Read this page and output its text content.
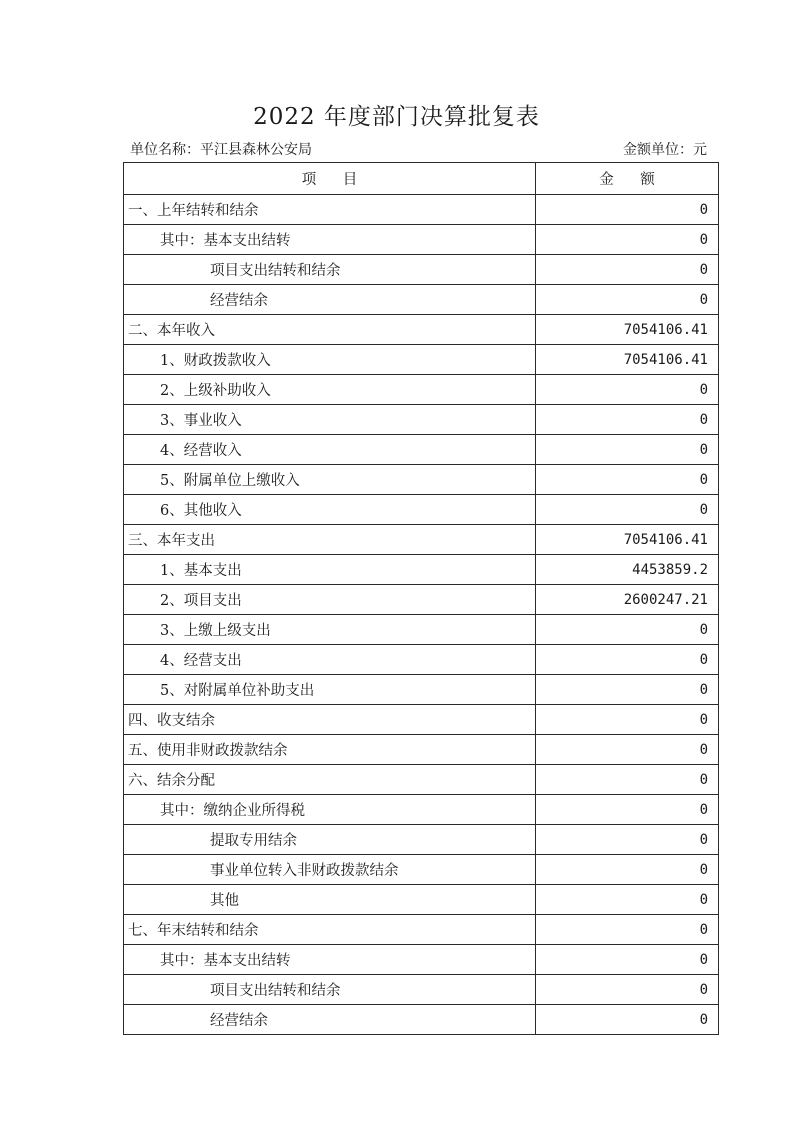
2022 年度部门决算批复表
单位名称：平江县森林公安局	金额单位：元
项 目	金 额
一、上年结转和结余	0
其中：基本支出结转	0
项目支出结转和结余	0
经营结余	0
二、本年收入	7054106.41
1、财政拨款收入	7054106.41
2、上级补助收入	0
3、事业收入	0
4、经营收入	0
5、附属单位上缴收入	0
6、其他收入	0
三、本年支出	7054106.41
1、基本支出	4453859.2
2、项目支出	2600247.21
3、上缴上级支出	0
4、经营支出	0
5、对附属单位补助支出	0
四、收支结余	0
五、使用非财政拨款结余	0
六、结余分配	0
其中：缴纳企业所得税	0
提取专用结余	0
事业单位转入非财政拨款结余	0
其他	0
七、年末结转和结余	0
其中：基本支出结转	0
项目支出结转和结余	0
经营结余	0
